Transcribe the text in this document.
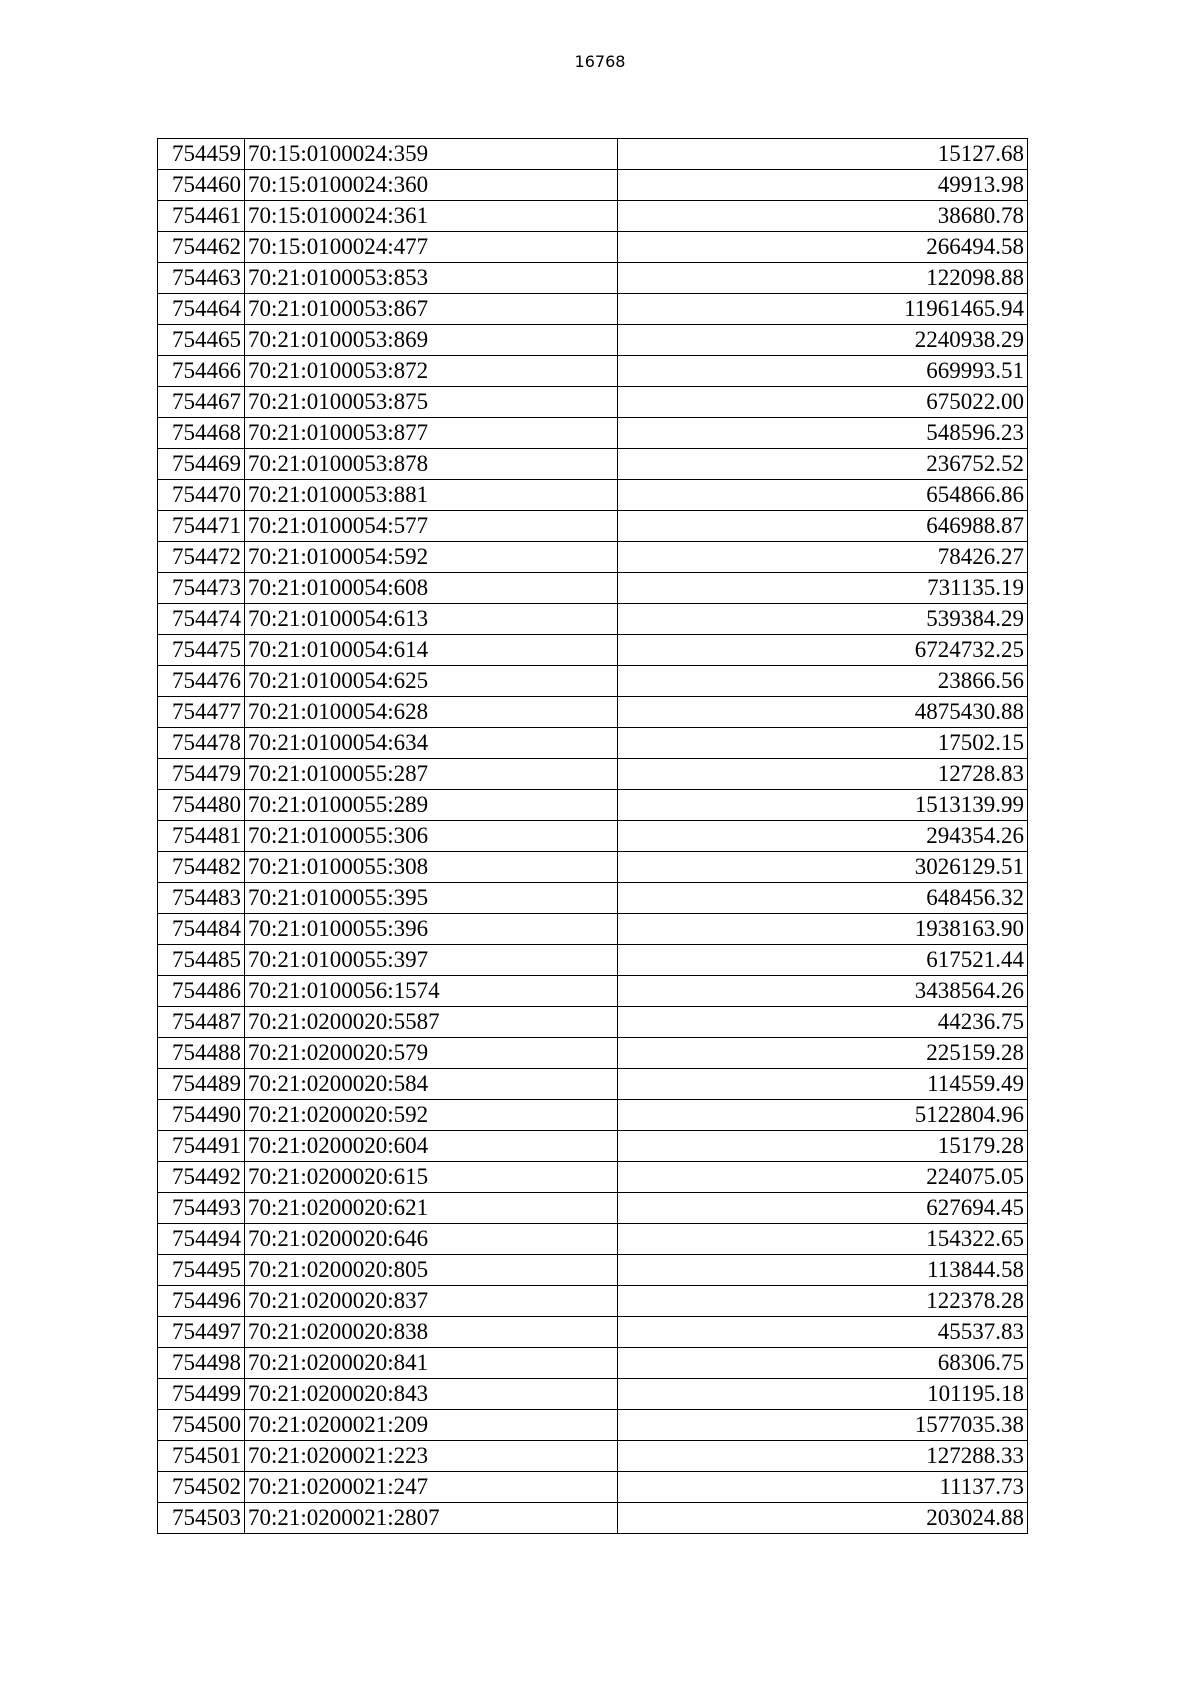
16768
754459	70:15:0100024:359	15127.68
754460	70:15:0100024:360	49913.98
754461	70:15:0100024:361	38680.78
754462	70:15:0100024:477	266494.58
754463	70:21:0100053:853	122098.88
754464	70:21:0100053:867	11961465.94
754465	70:21:0100053:869	2240938.29
754466	70:21:0100053:872	669993.51
754467	70:21:0100053:875	675022.00
754468	70:21:0100053:877	548596.23
754469	70:21:0100053:878	236752.52
754470	70:21:0100053:881	654866.86
754471	70:21:0100054:577	646988.87
754472	70:21:0100054:592	78426.27
754473	70:21:0100054:608	731135.19
754474	70:21:0100054:613	539384.29
754475	70:21:0100054:614	6724732.25
754476	70:21:0100054:625	23866.56
754477	70:21:0100054:628	4875430.88
754478	70:21:0100054:634	17502.15
754479	70:21:0100055:287	12728.83
754480	70:21:0100055:289	1513139.99
754481	70:21:0100055:306	294354.26
754482	70:21:0100055:308	3026129.51
754483	70:21:0100055:395	648456.32
754484	70:21:0100055:396	1938163.90
754485	70:21:0100055:397	617521.44
754486	70:21:0100056:1574	3438564.26
754487	70:21:0200020:5587	44236.75
754488	70:21:0200020:579	225159.28
754489	70:21:0200020:584	114559.49
754490	70:21:0200020:592	5122804.96
754491	70:21:0200020:604	15179.28
754492	70:21:0200020:615	224075.05
754493	70:21:0200020:621	627694.45
754494	70:21:0200020:646	154322.65
754495	70:21:0200020:805	113844.58
754496	70:21:0200020:837	122378.28
754497	70:21:0200020:838	45537.83
754498	70:21:0200020:841	68306.75
754499	70:21:0200020:843	101195.18
754500	70:21:0200021:209	1577035.38
754501	70:21:0200021:223	127288.33
754502	70:21:0200021:247	11137.73
754503	70:21:0200021:2807	203024.88
